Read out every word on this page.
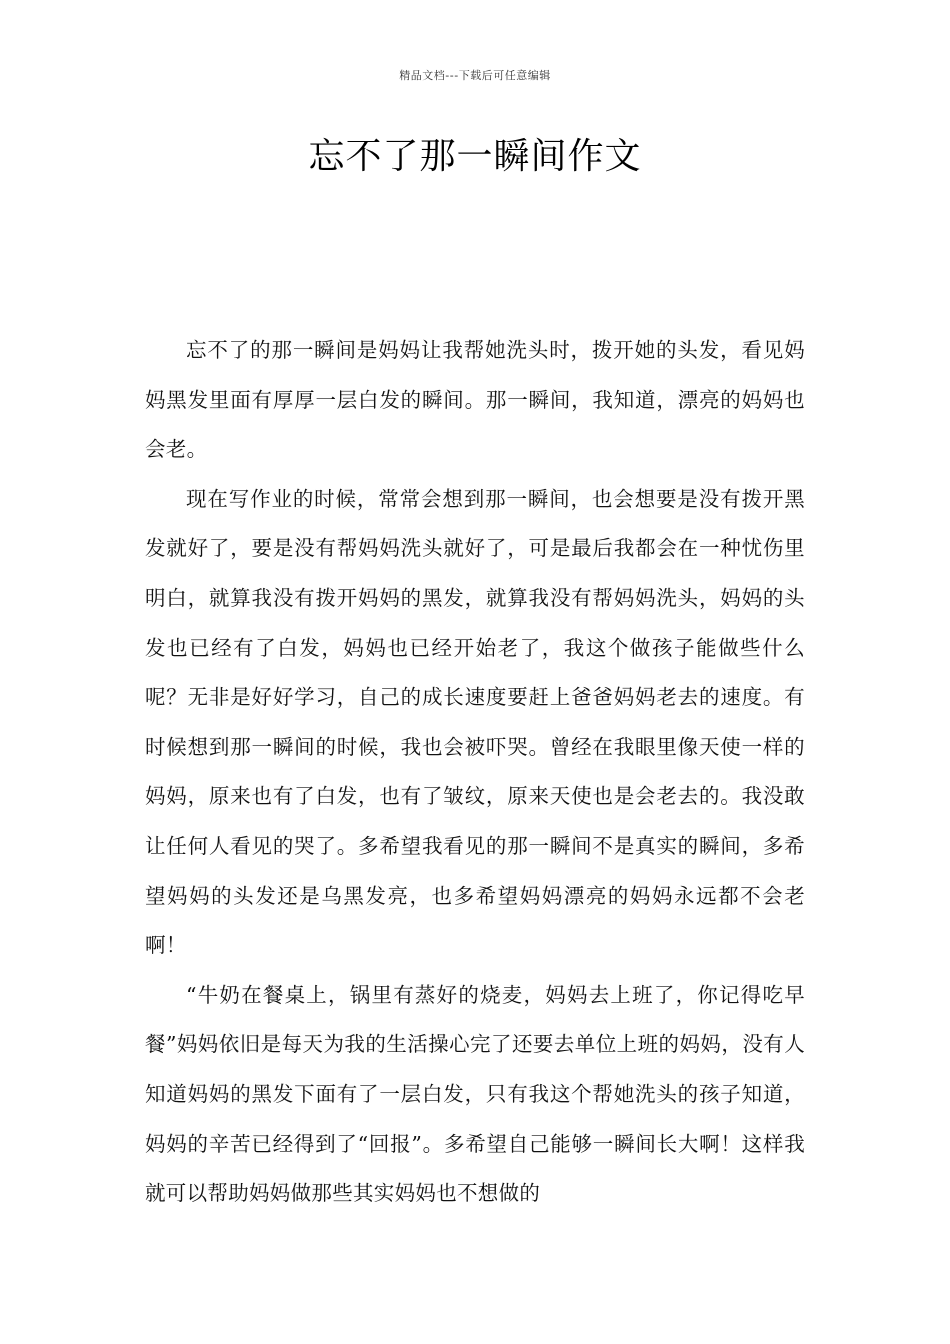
精品文档---下载后可任意编辑
忘不了那一瞬间作文

忘不了的那一瞬间是妈妈让我帮她洗头时，拨开她的头发，看见妈妈黑发里面有厚厚一层白发的瞬间。那一瞬间，我知道，漂亮的妈妈也会老。

现在写作业的时候，常常会想到那一瞬间，也会想要是没有拨开黑发就好了，要是没有帮妈妈洗头就好了，可是最后我都会在一种忧伤里明白，就算我没有拨开妈妈的黑发，就算我没有帮妈妈洗头，妈妈的头发也已经有了白发，妈妈也已经开始老了，我这个做孩子能做些什么呢？无非是好好学习，自己的成长速度要赶上爸爸妈妈老去的速度。有时候想到那一瞬间的时候，我也会被吓哭。曾经在我眼里像天使一样的妈妈，原来也有了白发，也有了皱纹，原来天使也是会老去的。我没敢让任何人看见的哭了。多希望我看见的那一瞬间不是真实的瞬间，多希望妈妈的头发还是乌黑发亮，也多希望妈妈漂亮的妈妈永远都不会老啊！

“牛奶在餐桌上，锅里有蒸好的烧麦，妈妈去上班了，你记得吃早餐”妈妈依旧是每天为我的生活操心完了还要去单位上班的妈妈，没有人知道妈妈的黑发下面有了一层白发，只有我这个帮她洗头的孩子知道，妈妈的辛苦已经得到了“回报”。多希望自己能够一瞬间长大啊！这样我就可以帮助妈妈做那些其实妈妈也不想做的
